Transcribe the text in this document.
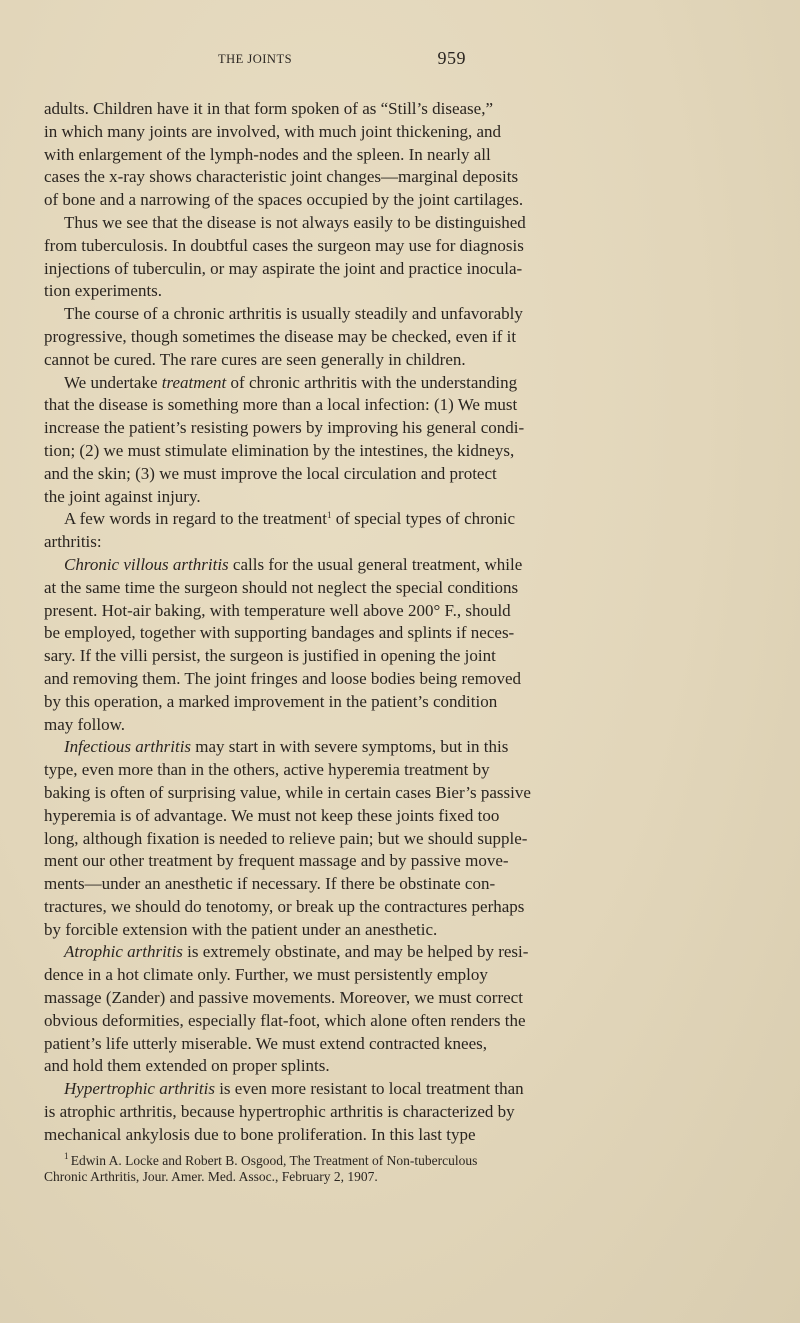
THE JOINTS	959

adults. Children have it in that form spoken of as “Still’s disease,”
in which many joints are involved, with much joint thickening, and
with enlargement of the lymph-nodes and the spleen. In nearly all
cases the x-ray shows characteristic joint changes—marginal deposits
of bone and a narrowing of the spaces occupied by the joint cartilages.

Thus we see that the disease is not always easily to be distinguished
from tuberculosis. In doubtful cases the surgeon may use for diagnosis
injections of tuberculin, or may aspirate the joint and practice inocula-
tion experiments.

The course of a chronic arthritis is usually steadily and unfavorably
progressive, though sometimes the disease may be checked, even if it
cannot be cured. The rare cures are seen generally in children.

We undertake treatment of chronic arthritis with the understanding
that the disease is something more than a local infection: (1) We must
increase the patient’s resisting powers by improving his general condi-
tion; (2) we must stimulate elimination by the intestines, the kidneys,
and the skin; (3) we must improve the local circulation and protect
the joint against injury.

A few words in regard to the treatment$^1$ of special types of chronic
arthritis:

Chronic villous arthritis calls for the usual general treatment, while
at the same time the surgeon should not neglect the special conditions
present. Hot-air baking, with temperature well above 200° F., should
be employed, together with supporting bandages and splints if neces-
sary. If the villi persist, the surgeon is justified in opening the joint
and removing them. The joint fringes and loose bodies being removed
by this operation, a marked improvement in the patient’s condition
may follow.

Infectious arthritis may start in with severe symptoms, but in this
type, even more than in the others, active hyperemia treatment by
baking is often of surprising value, while in certain cases Bier’s passive
hyperemia is of advantage. We must not keep these joints fixed too
long, although fixation is needed to relieve pain; but we should supple-
ment our other treatment by frequent massage and by passive move-
ments—under an anesthetic if necessary. If there be obstinate con-
tractures, we should do tenotomy, or break up the contractures perhaps
by forcible extension with the patient under an anesthetic.

Atrophic arthritis is extremely obstinate, and may be helped by resi-
dence in a hot climate only. Further, we must persistently employ
massage (Zander) and passive movements. Moreover, we must correct
obvious deformities, especially flat-foot, which alone often renders the
patient’s life utterly miserable. We must extend contracted knees,
and hold them extended on proper splints.

Hypertrophic arthritis is even more resistant to local treatment than
is atrophic arthritis, because hypertrophic arthritis is characterized by
mechanical ankylosis due to bone proliferation. In this last type

$^1$ Edwin A. Locke and Robert B. Osgood, The Treatment of Non-tuberculous
Chronic Arthritis, Jour. Amer. Med. Assoc., February 2, 1907.
